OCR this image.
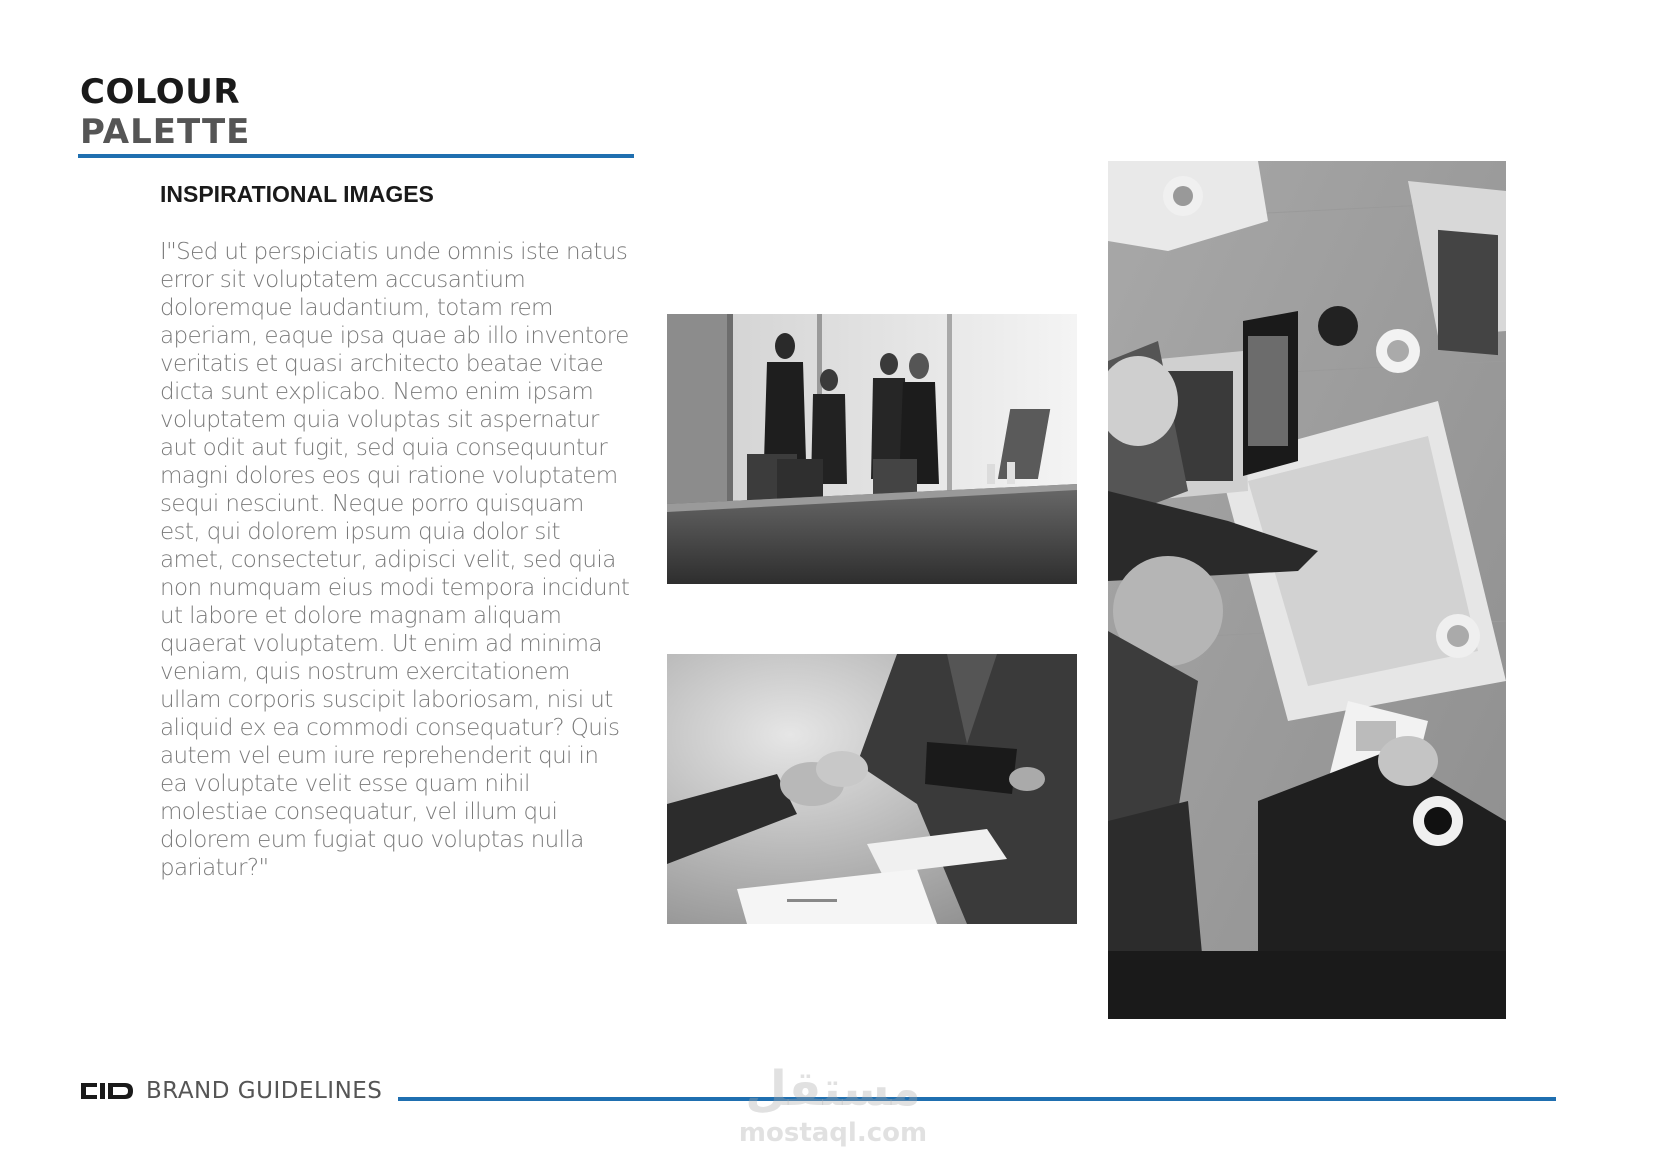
COLOUR
PALETTE
INSPIRATIONAL IMAGES

I"Sed ut perspiciatis unde omnis iste natus error sit voluptatem accusantium doloremque laudantium, totam rem aperiam, eaque ipsa quae ab illo inventore veritatis et quasi architecto beatae vitae dicta sunt explicabo. Nemo enim ipsam voluptatem quia voluptas sit aspernatur aut odit aut fugit, sed quia consequuntur magni dolores eos qui ratione voluptatem sequi nesciunt. Neque porro quisquam est, qui dolorem ipsum quia dolor sit amet, consectetur, adipisci velit, sed quia non numquam eius modi tempora incidunt ut labore et dolore magnam aliquam quaerat voluptatem. Ut enim ad minima veniam, quis nostrum exercitationem ullam corporis suscipit laboriosam, nisi ut aliquid ex ea commodi consequatur? Quis autem vel eum iure reprehenderit qui in ea voluptate velit esse quam nihil molestiae consequatur, vel illum qui dolorem eum fugiat quo voluptas nulla pariatur?"

BRAND GUIDELINES	مستقل
mostaql.com
